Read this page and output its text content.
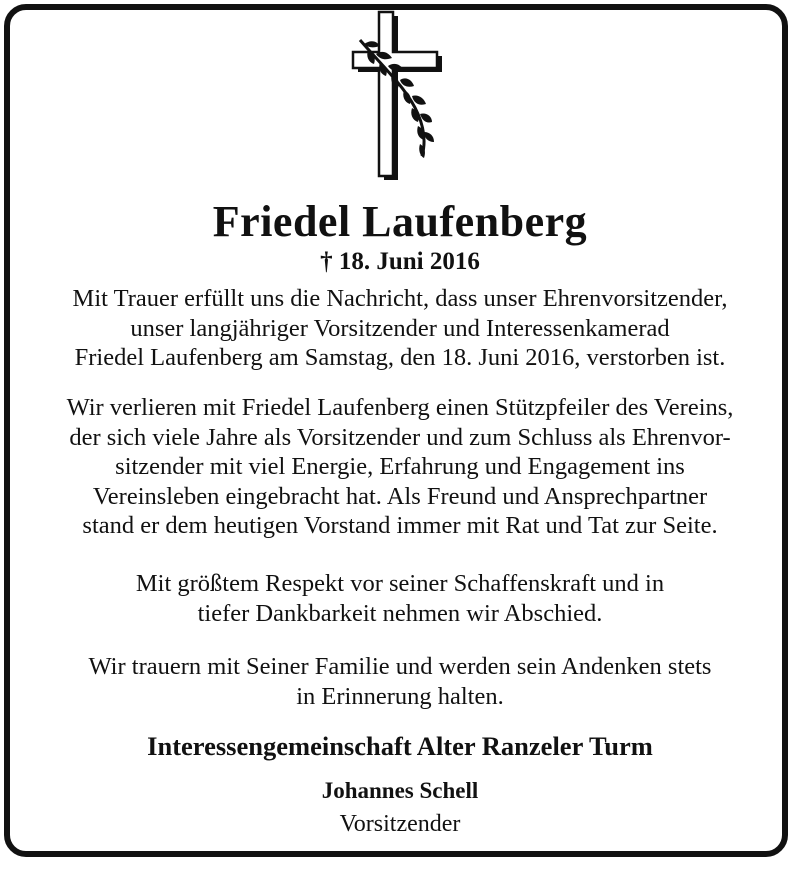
Friedel Laufenberg
† 18. Juni 2016
Mit Trauer erfüllt uns die Nachricht, dass unser Ehrenvorsitzender,
unser langjähriger Vorsitzender und Interessenkamerad
Friedel Laufenberg am Samstag, den 18. Juni 2016, verstorben ist.
Wir verlieren mit Friedel Laufenberg einen Stützpfeiler des Vereins,
der sich viele Jahre als Vorsitzender und zum Schluss als Ehrenvor-
sitzender mit viel Energie, Erfahrung und Engagement ins
Vereinsleben eingebracht hat. Als Freund und Ansprechpartner
stand er dem heutigen Vorstand immer mit Rat und Tat zur Seite.
Mit größtem Respekt vor seiner Schaffenskraft und in
tiefer Dankbarkeit nehmen wir Abschied.
Wir trauern mit Seiner Familie und werden sein Andenken stets
in Erinnerung halten.
Interessengemeinschaft Alter Ranzeler Turm
Johannes Schell
Vorsitzender
